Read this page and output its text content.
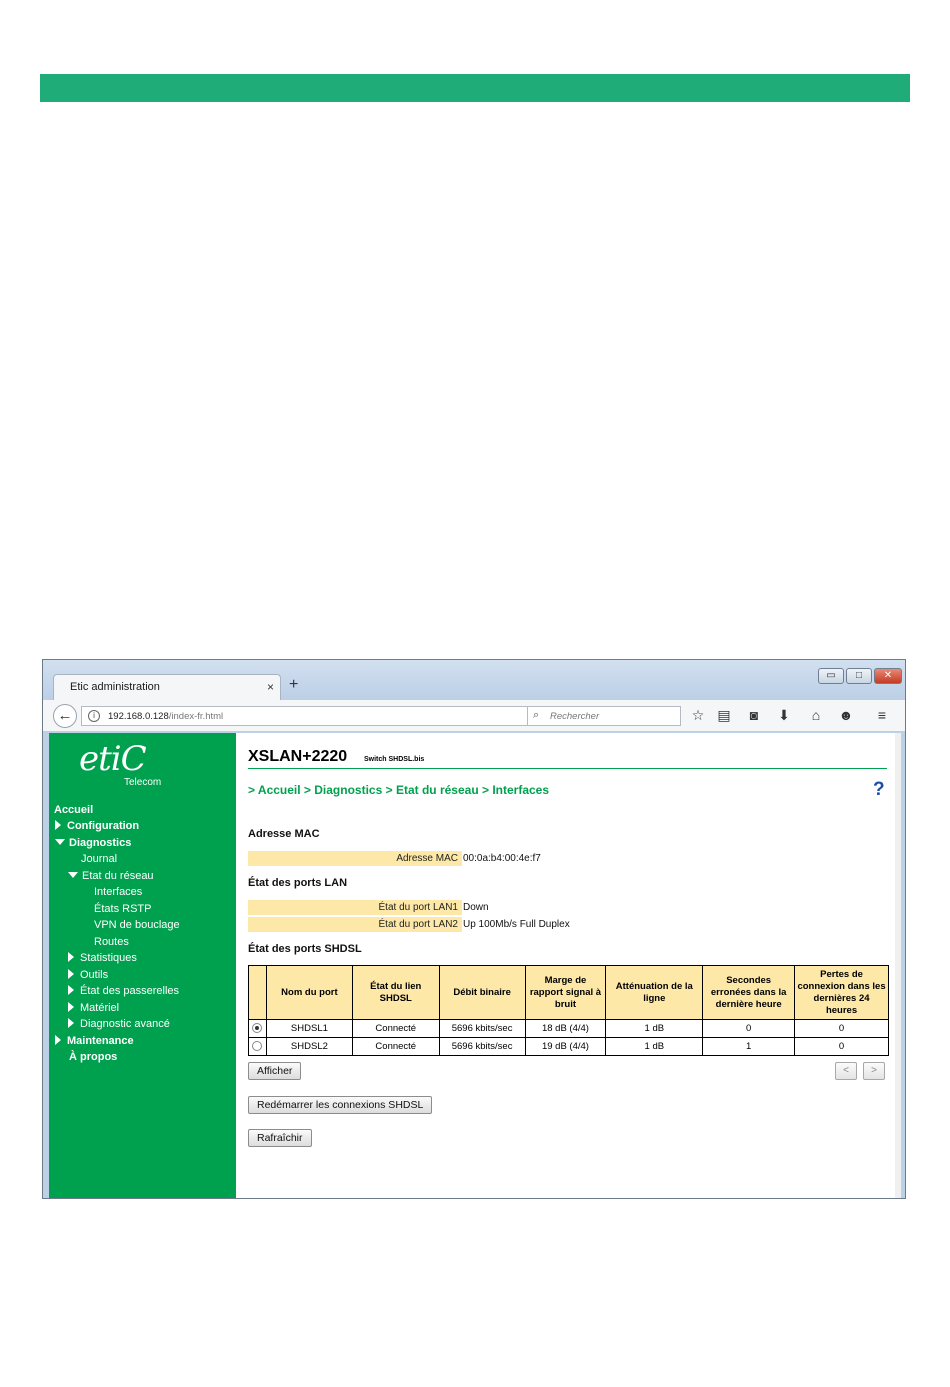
Etic administration	× +
▭	□	✕
←	i	192.168.0.128/index-fr.html	⌕ Rechercher	☆ ▤	◙	⬇	⌂	☻	≡
etiC
Telecom
Accueil
Configuration
Diagnostics
Journal
Etat du réseau
Interfaces
États RSTP
VPN de bouclage
Routes
Statistiques
Outils
État des passerelles
Matériel
Diagnostic avancé
Maintenance
À propos
XSLAN+2220 Switch SHDSL.bis
> Accueil > Diagnostics > Etat du réseau > Interfaces	?
Adresse MAC
Adresse MAC 00:0a:b4:00:4e:f7
État des ports LAN
État du port LAN1 Down
État du port LAN2 Up 100Mb/s Full Duplex
État des ports SHDSL
	Nom du port	État du lien SHDSL	Débit binaire	Marge de rapport signal à bruit	Atténuation de la ligne	Secondes erronées dans la dernière heure	Pertes de connexion dans les dernières 24 heures
	SHDSL1	Connecté	5696 kbits/sec	18 dB (4/4)	1 dB	0	0
	SHDSL2	Connecté	5696 kbits/sec	19 dB (4/4)	1 dB	1	0
Afficher	<	>
Redémarrer les connexions SHDSL
Rafraîchir
